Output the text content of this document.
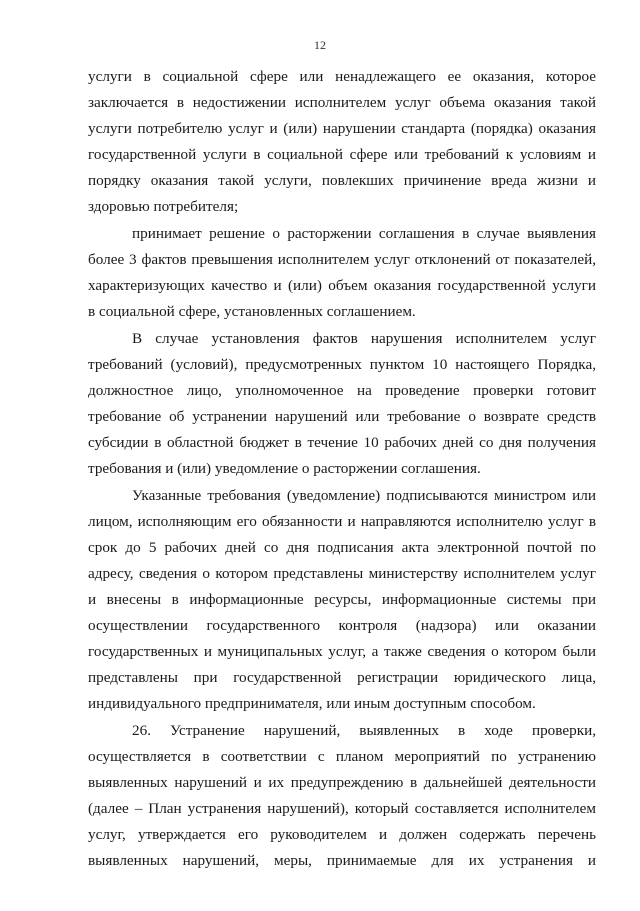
12
услуги в социальной сфере или ненадлежащего ее оказания, которое
заключается в недостижении исполнителем услуг объема оказания такой
услуги потребителю услуг и (или) нарушении стандарта (порядка) оказания
государственной услуги в социальной сфере или требований к условиям и
порядку оказания такой услуги, повлекших причинение вреда жизни и
здоровью потребителя;
принимает решение о расторжении соглашения в случае выявления
более 3 фактов превышения исполнителем услуг отклонений от показателей,
характеризующих качество и (или) объем оказания государственной услуги
в социальной сфере, установленных соглашением.
В случае установления фактов нарушения исполнителем услуг
требований (условий), предусмотренных пунктом 10 настоящего Порядка,
должностное лицо, уполномоченное на проведение проверки готовит
требование об устранении нарушений или требование о возврате средств
субсидии в областной бюджет в течение 10 рабочих дней со дня получения
требования и (или) уведомление о расторжении соглашения.
Указанные требования (уведомление) подписываются министром или
лицом, исполняющим его обязанности и направляются исполнителю услуг в
срок до 5 рабочих дней со дня подписания акта электронной почтой по
адресу, сведения о котором представлены министерству исполнителем услуг
и внесены в информационные ресурсы, информационные системы при
осуществлении государственного контроля (надзора) или оказании
государственных и муниципальных услуг, а также сведения о котором были
представлены при государственной регистрации юридического лица,
индивидуального предпринимателя, или иным доступным способом.
26. Устранение нарушений, выявленных в ходе проверки,
осуществляется в соответствии с планом мероприятий по устранению
выявленных нарушений и их предупреждению в дальнейшей деятельности
(далее – План устранения нарушений), который составляется исполнителем
услуг, утверждается его руководителем и должен содержать перечень
выявленных нарушений, меры, принимаемые для их устранения и
